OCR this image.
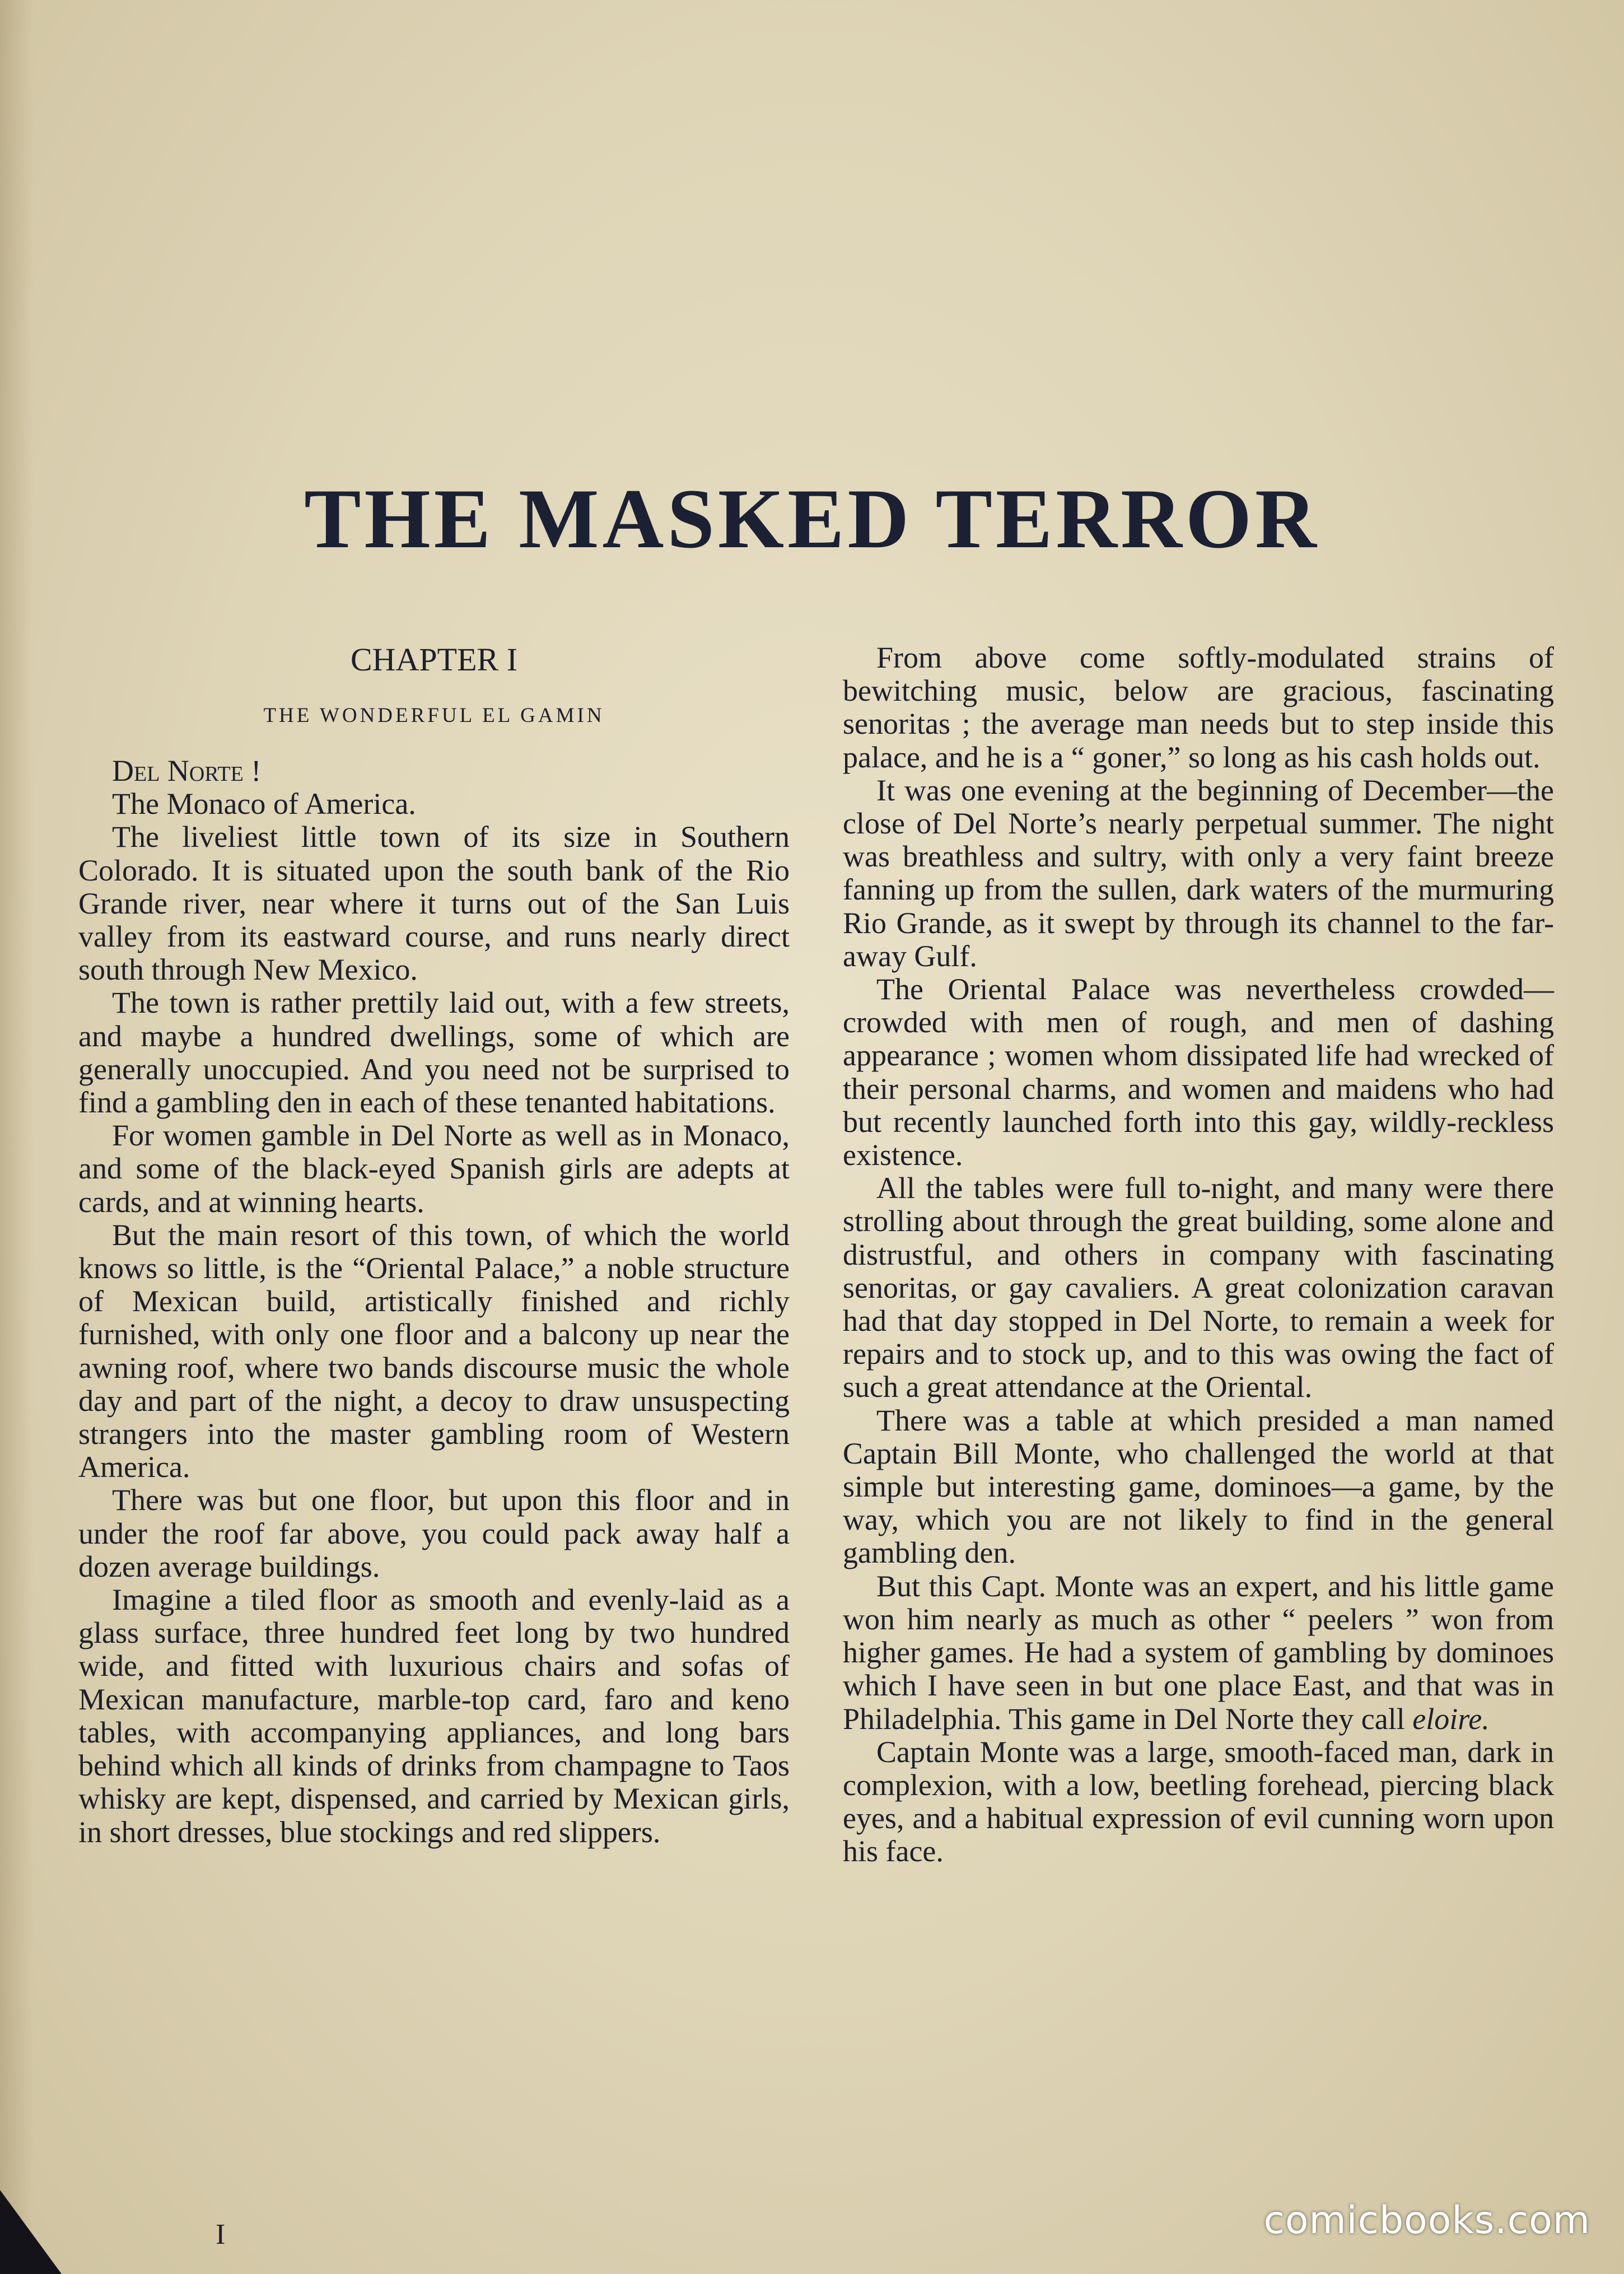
THE MASKED TERROR
CHAPTER I
THE WONDERFUL EL GAMIN

Del Norte !

The Monaco of America.

The liveliest little town of its size in Southern Colorado. It is situated upon the south bank of the Rio Grande river, near where it turns out of the San Luis valley from its eastward course, and runs nearly direct south through New Mexico.

The town is rather prettily laid out, with a few streets, and maybe a hundred dwellings, some of which are generally unoccupied. And you need not be surprised to find a gambling den in each of these tenanted habitations.

For women gamble in Del Norte as well as in Monaco, and some of the black-eyed Spanish girls are adepts at cards, and at winning hearts.

But the main resort of this town, of which the world knows so little, is the “Oriental Palace,” a noble structure of Mexican build, artistically finished and richly furnished, with only one floor and a balcony up near the awning roof, where two bands discourse music the whole day and part of the night, a decoy to draw unsuspecting strangers into the master gambling room of Western America.

There was but one floor, but upon this floor and in under the roof far above, you could pack away half a dozen average buildings.

Imagine a tiled floor as smooth and evenly-laid as a glass surface, three hundred feet long by two hundred wide, and fitted with luxurious chairs and sofas of Mexican manufacture, marble-top card, faro and keno tables, with accompanying appliances, and long bars behind which all kinds of drinks from champagne to Taos whisky are kept, dispensed, and carried by Mexican girls, in short dresses, blue stockings and red slippers.

From above come softly-modulated strains of bewitching music, below are gracious, fascinating senoritas ; the average man needs but to step inside this palace, and he is a “ goner,” so long as his cash holds out.

It was one evening at the beginning of December—the close of Del Norte’s nearly perpetual summer. The night was breathless and sultry, with only a very faint breeze fanning up from the sullen, dark waters of the murmuring Rio Grande, as it swept by through its channel to the far-away Gulf.

The Oriental Palace was nevertheless crowded—crowded with men of rough, and men of dashing appearance ; women whom dissipated life had wrecked of their personal charms, and women and maidens who had but recently launched forth into this gay, wildly-reckless existence.

All the tables were full to-night, and many were there strolling about through the great building, some alone and distrustful, and others in company with fascinating senoritas, or gay cavaliers. A great colonization caravan had that day stopped in Del Norte, to remain a week for repairs and to stock up, and to this was owing the fact of such a great attendance at the Oriental.

There was a table at which presided a man named Captain Bill Monte, who challenged the world at that simple but interesting game, dominoes—a game, by the way, which you are not likely to find in the general gambling den.

But this Capt. Monte was an expert, and his little game won him nearly as much as other “ peelers ” won from higher games. He had a system of gambling by dominoes which I have seen in but one place East, and that was in Philadelphia. This game in Del Norte they call eloire.

Captain Monte was a large, smooth-faced man, dark in complexion, with a low, beetling forehead, piercing black eyes, and a habitual expression of evil cunning worn upon his face.

I	comicbooks.com
